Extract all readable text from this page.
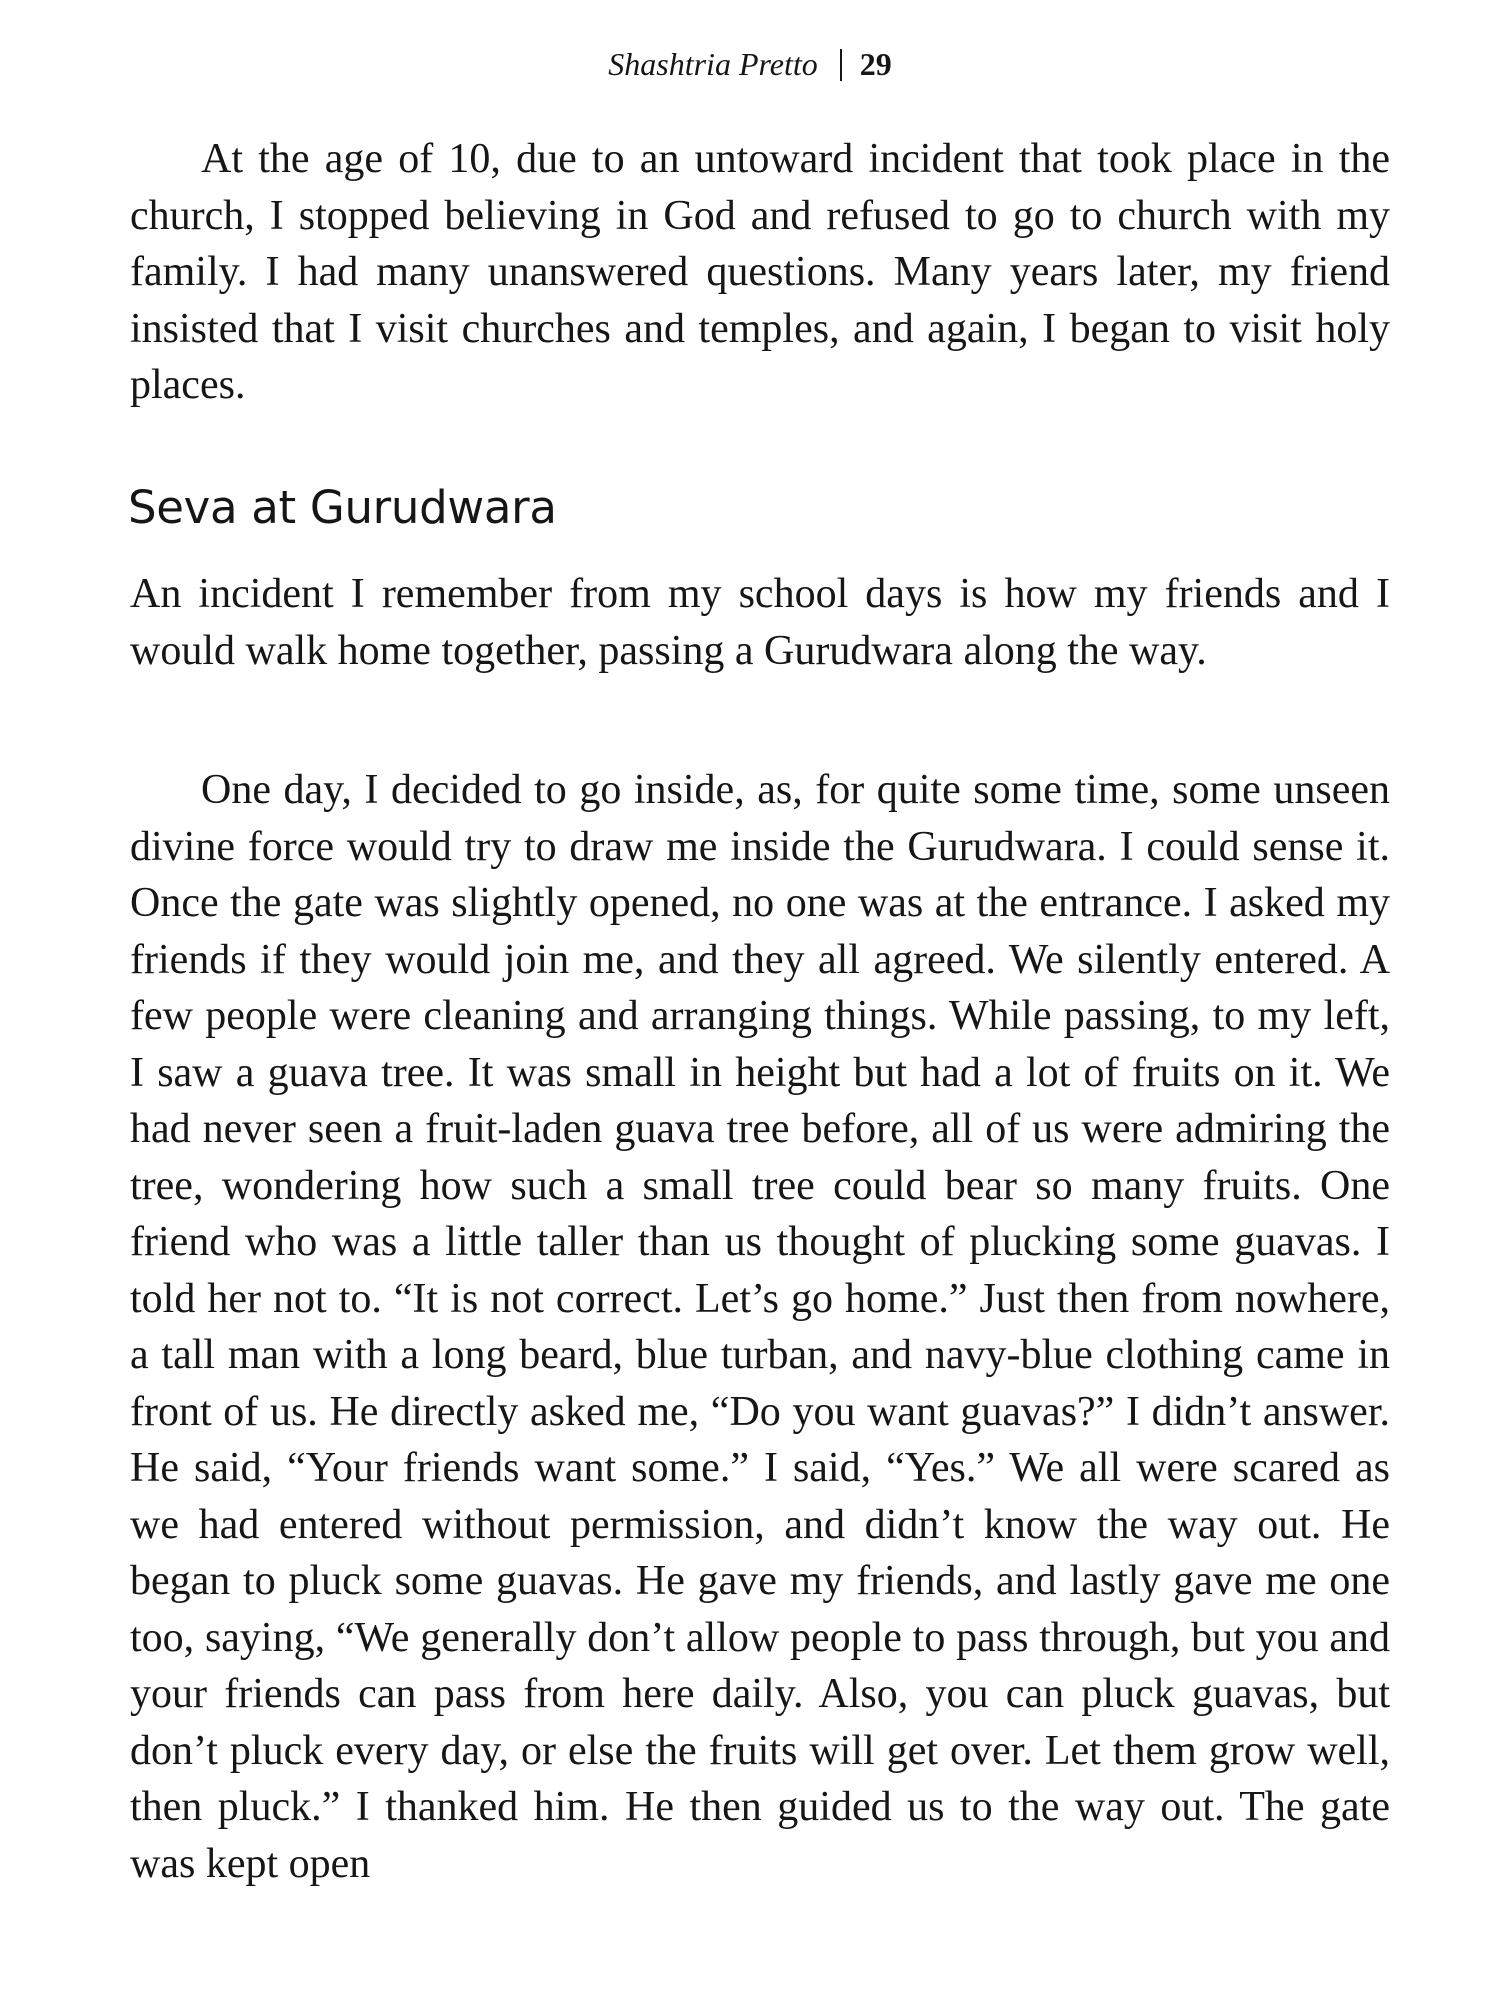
Shashtria Pretto 29

At the age of 10, due to an untoward incident that took place in the church, I stopped believing in God and refused to go to church with my family. I had many unanswered questions. Many years later, my friend insisted that I visit churches and temples, and again, I began to visit holy places.

Seva at Gurudwara

An incident I remember from my school days is how my friends and I would walk home together, passing a Gurudwara along the way.

One day, I decided to go inside, as, for quite some time, some unseen divine force would try to draw me inside the Gurudwara. I could sense it. Once the gate was slightly opened, no one was at the entrance. I asked my friends if they would join me, and they all agreed. We silently entered. A few people were cleaning and arranging things. While passing, to my left, I saw a guava tree. It was small in height but had a lot of fruits on it. We had never seen a fruit-laden guava tree before, all of us were admiring the tree, wondering how such a small tree could bear so many fruits. One friend who was a little taller than us thought of plucking some guavas. I told her not to. “It is not correct. Let’s go home.” Just then from nowhere, a tall man with a long beard, blue turban, and navy-blue clothing came in front of us. He directly asked me, “Do you want guavas?” I didn’t answer. He said, “Your friends want some.” I said, “Yes.” We all were scared as we had entered without permission, and didn’t know the way out. He began to pluck some guavas. He gave my friends, and lastly gave me one too, saying, “We generally don’t allow people to pass through, but you and your friends can pass from here daily. Also, you can pluck guavas, but don’t pluck every day, or else the fruits will get over. Let them grow well, then pluck.” I thanked him. He then guided us to the way out. The gate was kept open
